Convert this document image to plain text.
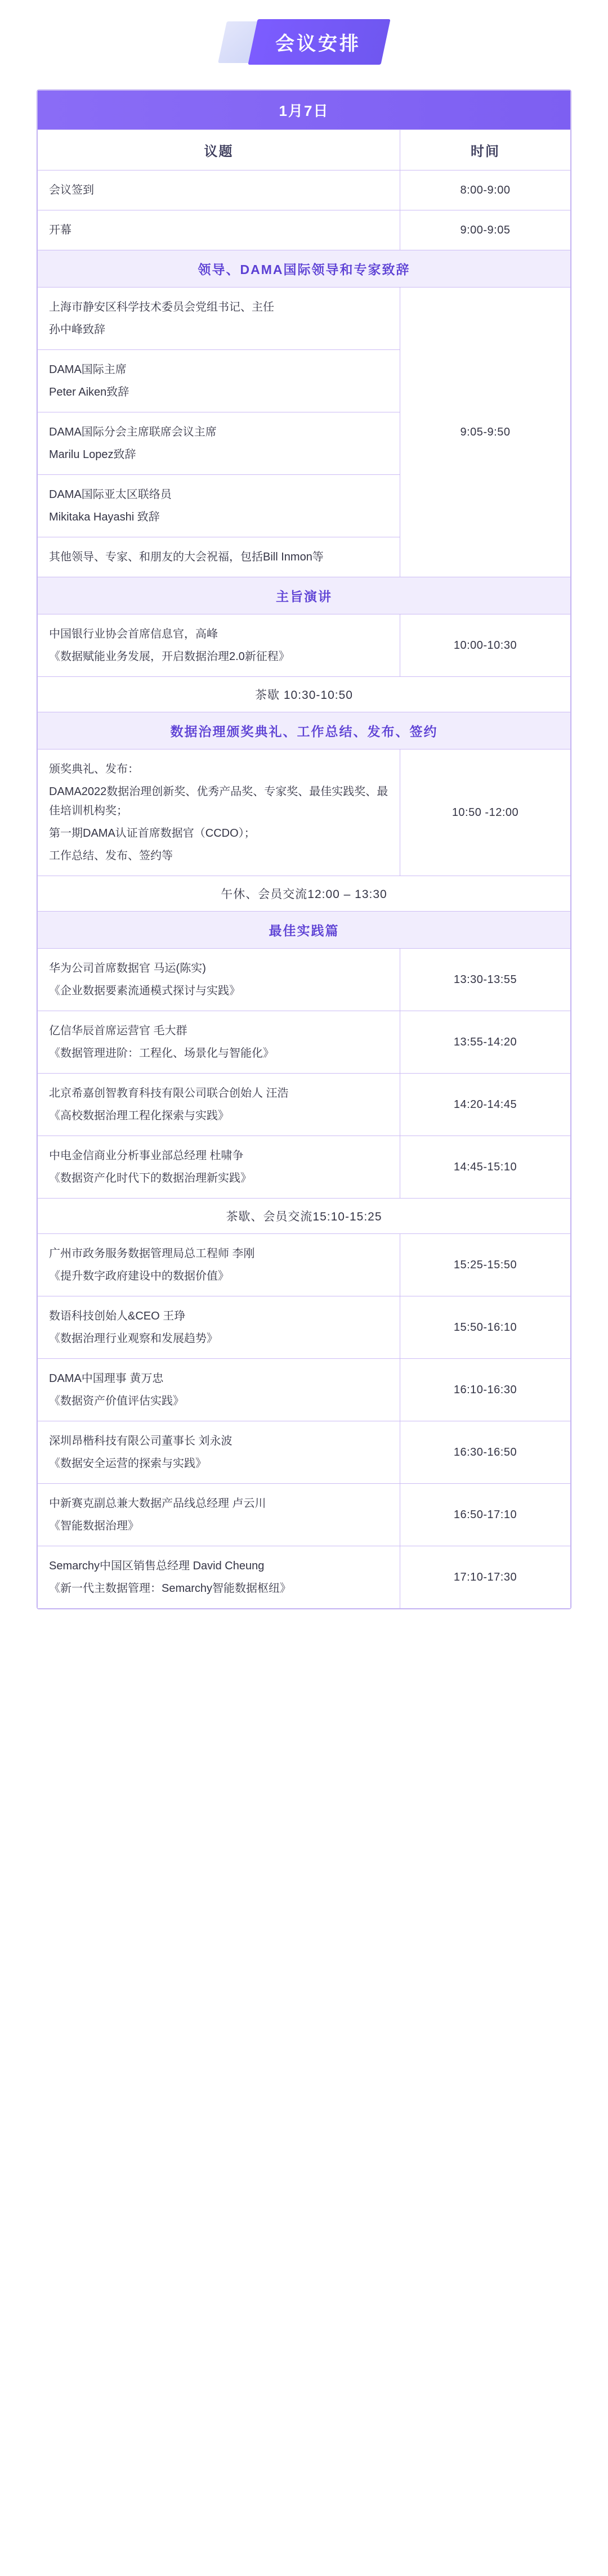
会议安排
1月7日	
议题	时间

会议签到	8:00-9:00

开幕	9:00-9:05
领导、DAMA国际领导和专家致辞	

上海市静安区科学技术委员会党组书记、主任
孙中峰致辞	9:05-9:50

DAMA国际主席
Peter Aiken致辞	

DAMA国际分会主席联席会议主席
Marilu Lopez致辞	

DAMA国际亚太区联络员
Mikitaka Hayashi 致辞	

其他领导、专家、和朋友的大会祝福，包括Bill Inmon等	

主旨演讲	

中国银行业协会首席信息官，高峰
《数据赋能业务发展，开启数据治理2.0新征程》	10:00-10:30
茶歇 10:30-10:50	
数据治理颁奖典礼、工作总结、发布、签约	

颁奖典礼、发布：
DAMA2022数据治理创新奖、优秀产品奖、专家奖、最佳实践奖、最佳培训机构奖；
第一期DAMA认证首席数据官（CCDO）；
工作总结、发布、签约等	10:50 -12:00
午休、会员交流12:00 – 13:30	
最佳实践篇	

华为公司首席数据官 马运(陈实)
《企业数据要素流通模式探讨与实践》	13:30-13:55

亿信华辰首席运营官 毛大群
《数据管理进阶：工程化、场景化与智能化》	13:55-14:20

北京希嘉创智教育科技有限公司联合创始人 汪浩
《高校数据治理工程化探索与实践》	14:20-14:45

中电金信商业分析事业部总经理 杜啸争
《数据资产化时代下的数据治理新实践》	14:45-15:10
茶歇、会员交流15:10-15:25	

广州市政务服务数据管理局总工程师 李刚
《提升数字政府建设中的数据价值》	15:25-15:50

数语科技创始人&CEO 王琤
《数据治理行业观察和发展趋势》	15:50-16:10

DAMA中国理事 黄万忠
《数据资产价值评估实践》	16:10-16:30

深圳昂楷科技有限公司董事长 刘永波
《数据安全运营的探索与实践》	16:30-16:50

中新赛克副总兼大数据产品线总经理 卢云川
《智能数据治理》	16:50-17:10

Semarchy中国区销售总经理 David Cheung
《新一代主数据管理：Semarchy智能数据枢纽》	17:10-17:30
